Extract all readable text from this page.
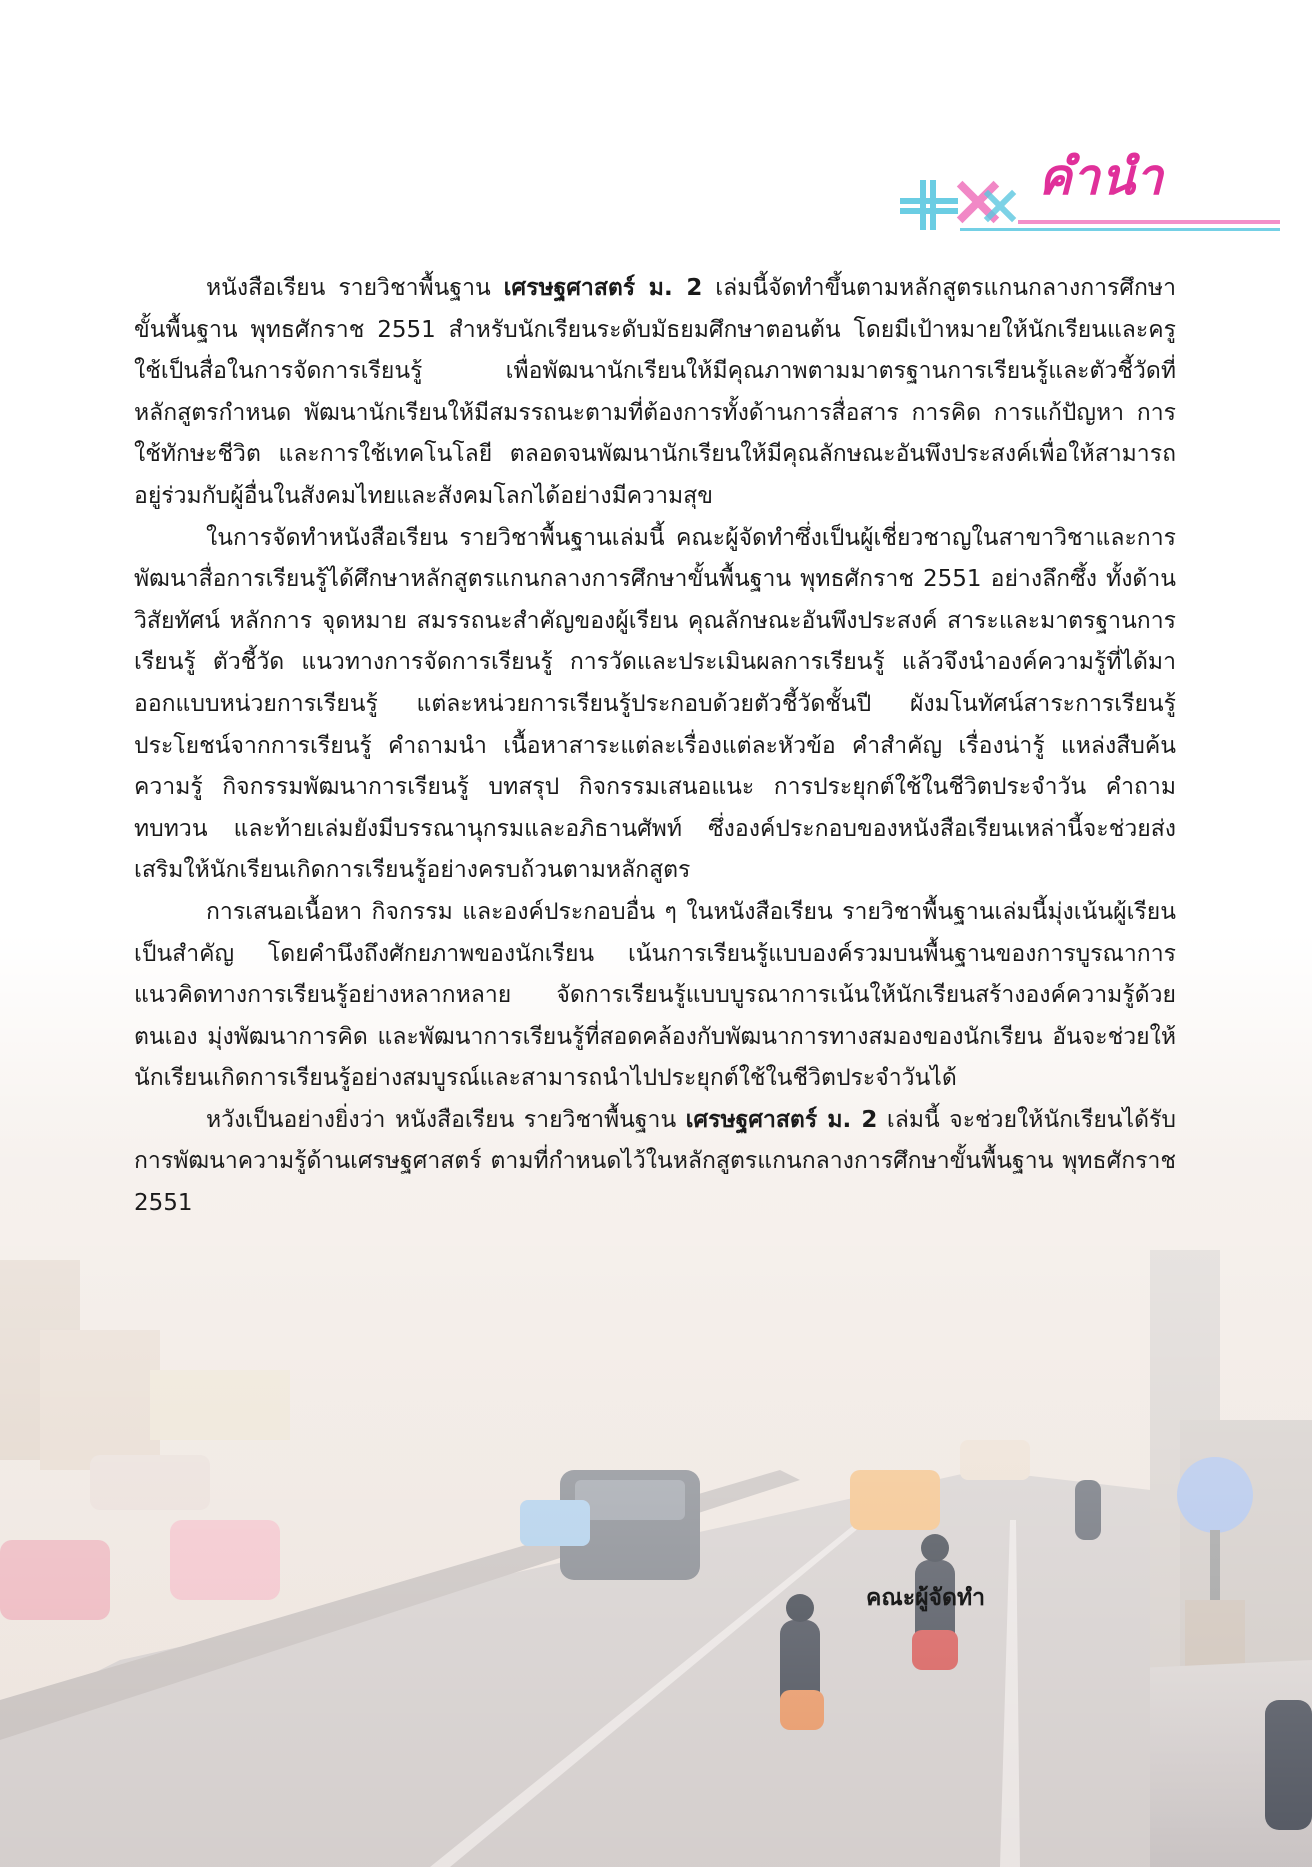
คำนำ

หนังสือเรียน รายวิชาพื้นฐาน เศรษฐศาสตร์ ม. 2 เล่มนี้จัดทำขึ้นตามหลักสูตรแกนกลางการศึกษาขั้นพื้นฐาน พุทธศักราช 2551 สำหรับนักเรียนระดับมัธยมศึกษาตอนต้น โดยมีเป้าหมายให้นักเรียนและครูใช้เป็นสื่อในการจัดการเรียนรู้ เพื่อพัฒนานักเรียนให้มีคุณภาพตามมาตรฐานการเรียนรู้และตัวชี้วัดที่หลักสูตรกำหนด พัฒนานักเรียนให้มีสมรรถนะตามที่ต้องการทั้งด้านการสื่อสาร การคิด การแก้ปัญหา การใช้ทักษะชีวิต และการใช้เทคโนโลยี ตลอดจนพัฒนานักเรียนให้มีคุณลักษณะอันพึงประสงค์เพื่อให้สามารถอยู่ร่วมกับผู้อื่นในสังคมไทยและสังคมโลกได้อย่างมีความสุข

ในการจัดทำหนังสือเรียน รายวิชาพื้นฐานเล่มนี้ คณะผู้จัดทำซึ่งเป็นผู้เชี่ยวชาญในสาขาวิชาและการพัฒนาสื่อการเรียนรู้ได้ศึกษาหลักสูตรแกนกลางการศึกษาขั้นพื้นฐาน พุทธศักราช 2551 อย่างลึกซึ้ง ทั้งด้านวิสัยทัศน์ หลักการ จุดหมาย สมรรถนะสำคัญของผู้เรียน คุณลักษณะอันพึงประสงค์ สาระและมาตรฐานการเรียนรู้ ตัวชี้วัด แนวทางการจัดการเรียนรู้ การวัดและประเมินผลการเรียนรู้ แล้วจึงนำองค์ความรู้ที่ได้มาออกแบบหน่วยการเรียนรู้ แต่ละหน่วยการเรียนรู้ประกอบด้วยตัวชี้วัดชั้นปี ผังมโนทัศน์สาระการเรียนรู้ ประโยชน์จากการเรียนรู้ คำถามนำ เนื้อหาสาระแต่ละเรื่องแต่ละหัวข้อ คำสำคัญ เรื่องน่ารู้ แหล่งสืบค้นความรู้ กิจกรรมพัฒนาการเรียนรู้ บทสรุป กิจกรรมเสนอแนะ การประยุกต์ใช้ในชีวิตประจำวัน คำถามทบทวน และท้ายเล่มยังมีบรรณานุกรมและอภิธานศัพท์ ซึ่งองค์ประกอบของหนังสือเรียนเหล่านี้จะช่วยส่งเสริมให้นักเรียนเกิดการเรียนรู้อย่างครบถ้วนตามหลักสูตร

การเสนอเนื้อหา กิจกรรม และองค์ประกอบอื่น ๆ ในหนังสือเรียน รายวิชาพื้นฐานเล่มนี้มุ่งเน้นผู้เรียนเป็นสำคัญ โดยคำนึงถึงศักยภาพของนักเรียน เน้นการเรียนรู้แบบองค์รวมบนพื้นฐานของการบูรณาการแนวคิดทางการเรียนรู้อย่างหลากหลาย จัดการเรียนรู้แบบบูรณาการเน้นให้นักเรียนสร้างองค์ความรู้ด้วยตนเอง มุ่งพัฒนาการคิด และพัฒนาการเรียนรู้ที่สอดคล้องกับพัฒนาการทางสมองของนักเรียน อันจะช่วยให้นักเรียนเกิดการเรียนรู้อย่างสมบูรณ์และสามารถนำไปประยุกต์ใช้ในชีวิตประจำวันได้

หวังเป็นอย่างยิ่งว่า หนังสือเรียน รายวิชาพื้นฐาน เศรษฐศาสตร์ ม. 2 เล่มนี้ จะช่วยให้นักเรียนได้รับการพัฒนาความรู้ด้านเศรษฐศาสตร์ ตามที่กำหนดไว้ในหลักสูตรแกนกลางการศึกษาขั้นพื้นฐาน พุทธศักราช 2551

คณะผู้จัดทำ
